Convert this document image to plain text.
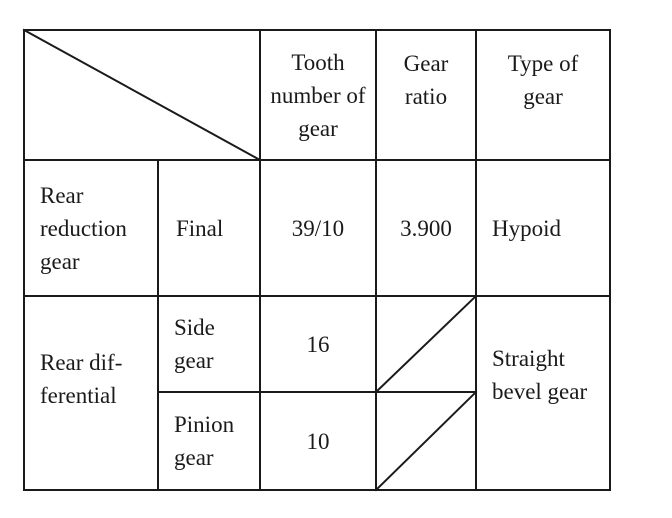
Tooth number of gear
Gear ratio
Type of gear
Rear reduction gear
Final	39/10 3.900 Hypoid
Rear dif- ferential
Side gear
16
Pinion gear
10
Straight bevel gear
